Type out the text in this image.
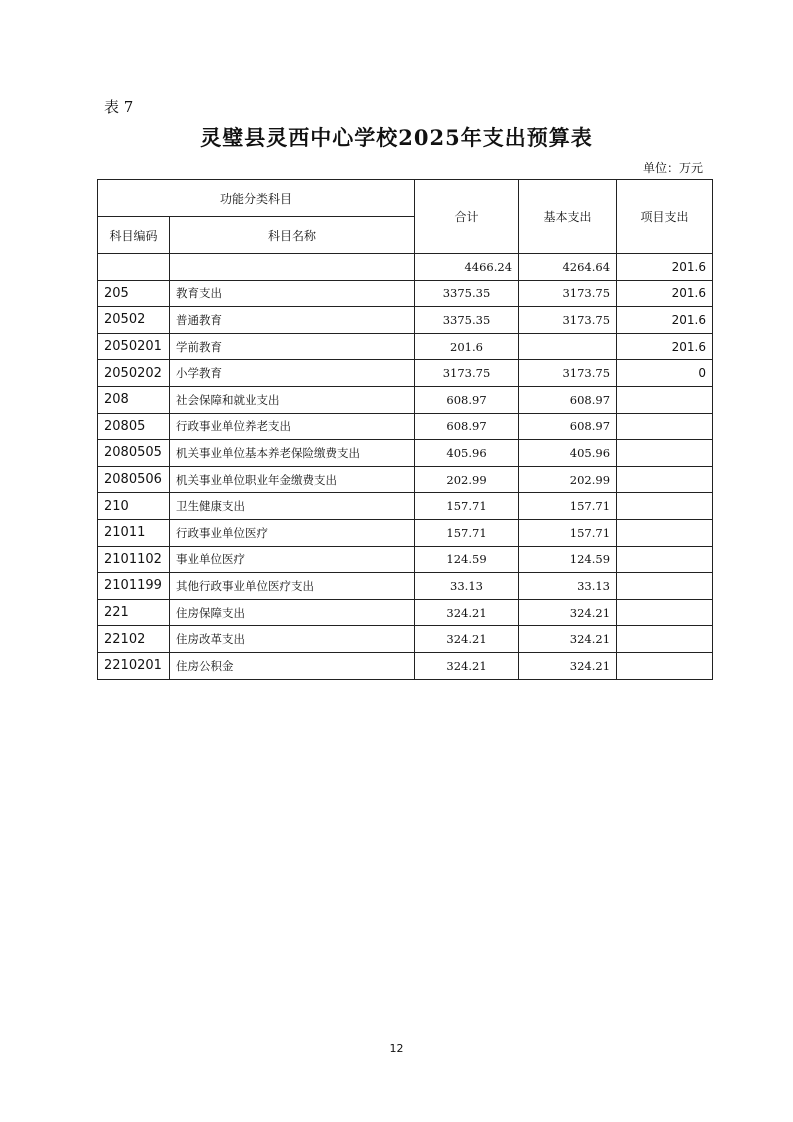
表 7
灵璧县灵西中心学校2025年支出预算表
单位：万元
功能分类科目		合计	基本支出	项目支出
科目编码	科目名称			
		4466.24	4264.64	201.6
205	教育支出	3375.35	3173.75	201.6
20502	普通教育	3375.35	3173.75	201.6
2050201	学前教育	201.6		201.6
2050202	小学教育	3173.75	3173.75	0
208	社会保障和就业支出	608.97	608.97	
20805	行政事业单位养老支出	608.97	608.97	
2080505	机关事业单位基本养老保险缴费支出	405.96	405.96	
2080506	机关事业单位职业年金缴费支出	202.99	202.99	
210	卫生健康支出	157.71	157.71	
21011	行政事业单位医疗	157.71	157.71	
2101102	事业单位医疗	124.59	124.59	
2101199	其他行政事业单位医疗支出	33.13	33.13	
221	住房保障支出	324.21	324.21	
22102	住房改革支出	324.21	324.21	
2210201	住房公积金	324.21	324.21	
12
